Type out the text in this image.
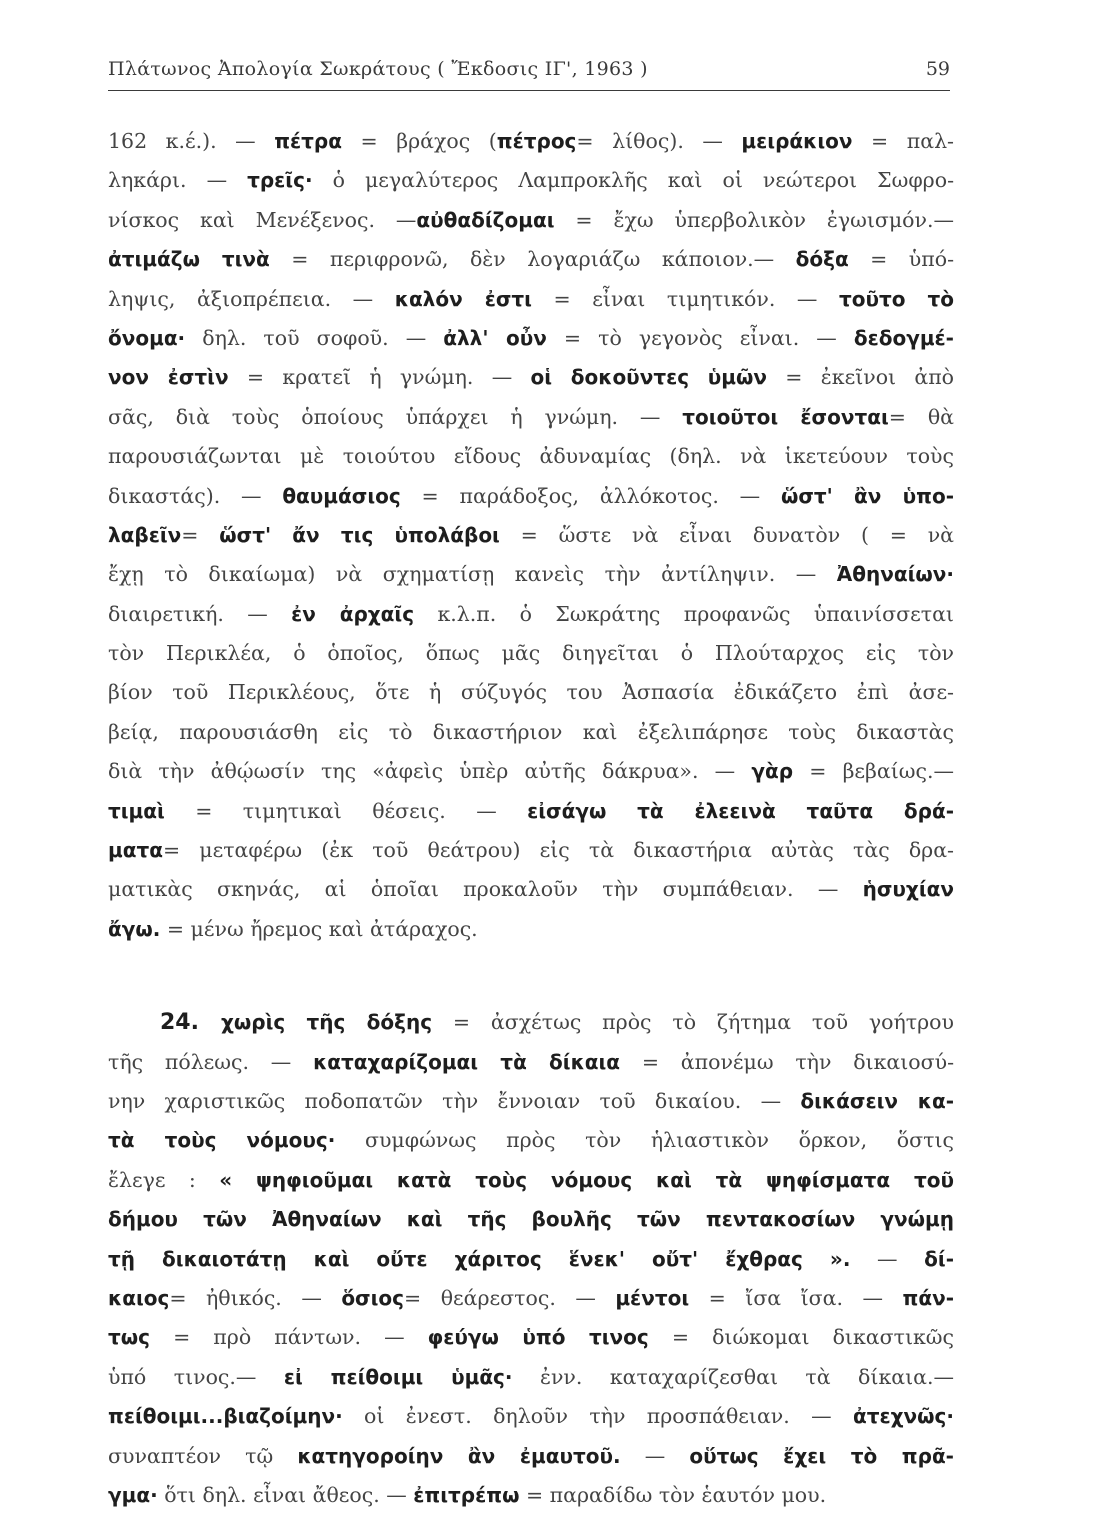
Πλάτωνος Ἀπολογία Σωκράτους ( Ἔκδοσις ΙΓ', 1963 )	59
162 κ.έ.). — πέτρα = βράχος (πέτρος= λίθος). — μειράκιον = παλ-
ληκάρι. — τρεῖς· ὁ μεγαλύτερος Λαμπροκλῆς καὶ οἱ νεώτεροι Σωφρο-
νίσκος καὶ Μενέξενος. —αὐθαδίζομαι = ἔχω ὑπερβολικὸν ἐγωισμόν.—
ἀτιμάζω τινὰ = περιφρονῶ, δὲν λογαριάζω κάποιον.— δόξα = ὑπό-
ληψις, ἀξιοπρέπεια. — καλόν ἐστι = εἶναι τιμητικόν. — τοῦτο τὸ
ὄνομα· δηλ. τοῦ σοφοῦ. — ἀλλ' οὖν = τὸ γεγονὸς εἶναι. — δεδογμέ-
νον ἐστὶν = κρατεῖ ἡ γνώμη. — οἱ δοκοῦντες ὑμῶν = ἐκεῖνοι ἀπὸ
σᾶς, διὰ τοὺς ὁποίους ὑπάρχει ἡ γνώμη. — τοιοῦτοι ἔσονται= θὰ
παρουσιάζωνται μὲ τοιούτου εἴδους ἀδυναμίας (δηλ. νὰ ἱκετεύουν τοὺς
δικαστάς). — θαυμάσιος = παράδοξος, ἀλλόκοτος. — ὥστ' ἂν ὑπο-
λαβεῖν= ὥστ' ἄν τις ὑπολάβοι = ὥστε νὰ εἶναι δυνατὸν ( = νὰ
ἔχῃ τὸ δικαίωμα) νὰ σχηματίσῃ κανεὶς τὴν ἀντίληψιν. — Ἀθηναίων·
διαιρετική. — ἐν ἀρχαῖς κ.λ.π. ὁ Σωκράτης προφανῶς ὑπαινίσσεται
τὸν Περικλέα, ὁ ὁποῖος, ὅπως μᾶς διηγεῖται ὁ Πλούταρχος εἰς τὸν
βίον τοῦ Περικλέους, ὅτε ἡ σύζυγός του Ἀσπασία ἐδικάζετο ἐπὶ ἀσε-
βείᾳ, παρουσιάσθη εἰς τὸ δικαστήριον καὶ ἐξελιπάρησε τοὺς δικαστὰς
διὰ τὴν ἀθῴωσίν της «ἀφεὶς ὑπὲρ αὐτῆς δάκρυα». — γὰρ = βεβαίως.—
τιμαὶ = τιμητικαὶ θέσεις. — εἰσάγω τὰ ἐλεεινὰ ταῦτα δρά-
ματα= μεταφέρω (ἐκ τοῦ θεάτρου) εἰς τὰ δικαστήρια αὐτὰς τὰς δρα-
ματικὰς σκηνάς, αἱ ὁποῖαι προκαλοῦν τὴν συμπάθειαν. — ἡσυχίαν
ἄγω. = μένω ἤρεμος καὶ ἀτάραχος.
24. χωρὶς τῆς δόξης = ἀσχέτως πρὸς τὸ ζήτημα τοῦ γοήτρου
τῆς πόλεως. — καταχαρίζομαι τὰ δίκαια = ἀπονέμω τὴν δικαιοσύ-
νην χαριστικῶς ποδοπατῶν τὴν ἔννοιαν τοῦ δικαίου. — δικάσειν κα-
τὰ τοὺς νόμους· συμφώνως πρὸς τὸν ἡλιαστικὸν ὅρκον, ὅστις
ἔλεγε : « ψηφιοῦμαι κατὰ τοὺς νόμους καὶ τὰ ψηφίσματα τοῦ
δήμου τῶν Ἀθηναίων καὶ τῆς βουλῆς τῶν πεντακοσίων γνώμῃ
τῇ δικαιοτάτῃ καὶ οὔτε χάριτος ἕνεκ' οὔτ' ἔχθρας ». — δί-
καιος= ἠθικός. — ὅσιος= θεάρεστος. — μέντοι = ἴσα ἴσα. — πάν-
τως = πρὸ πάντων. — φεύγω ὑπό τινος = διώκομαι δικαστικῶς
ὑπό τινος.— εἰ πείθοιμι ὑμᾶς· ἐνν. καταχαρίζεσθαι τὰ δίκαια.—
πείθοιμι...βιαζοίμην· οἱ ἐνεστ. δηλοῦν τὴν προσπάθειαν. — ἀτεχνῶς·
συναπτέον τῷ κατηγοροίην ἂν ἐμαυτοῦ. — οὕτως ἔχει τὸ πρᾶ-
γμα· ὅτι δηλ. εἶναι ἄθεος. — ἐπιτρέπω = παραδίδω τὸν ἑαυτόν μου.
